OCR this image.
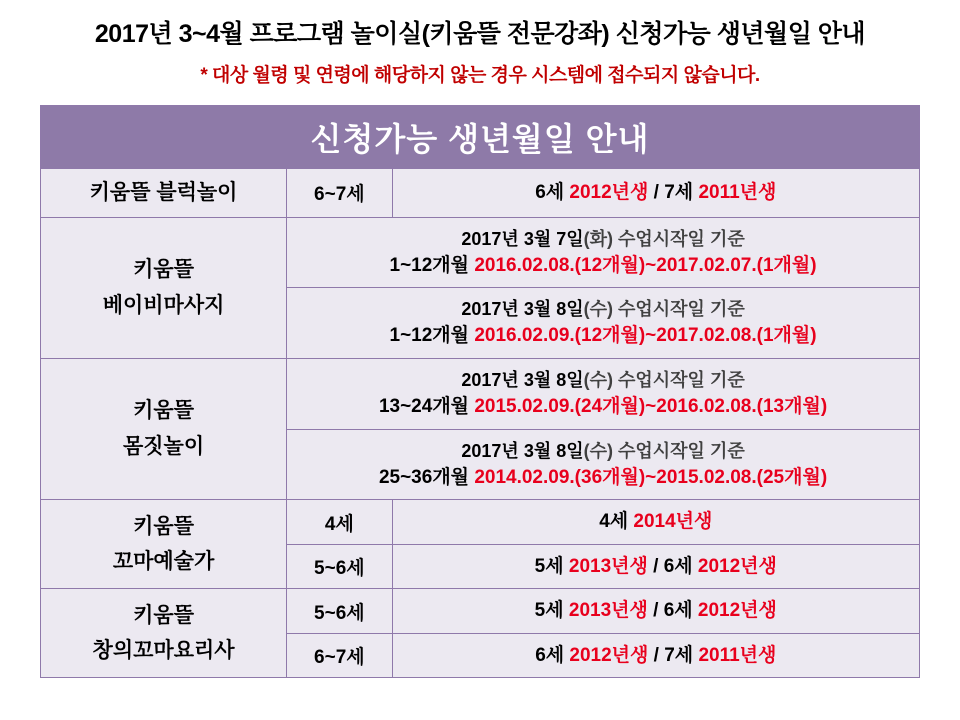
2017년 3~4월 프로그램 놀이실(키움뜰 전문강좌) 신청가능 생년월일 안내
* 대상 월령 및 연령에 해당하지 않는 경우 시스템에 접수되지 않습니다.
신청가능 생년월일 안내		
키움뜰 블럭놀이	6~7세	6세 2012년생 / 7세 2011년생

키움뜰
베이비마사지

2017년 3월 7일(화) 수업시작일 기준
1~12개월 2016.02.08.(12개월)~2017.02.07.(1개월)

	2017년 3월 8일(수) 수업시작일 기준
1~12개월 2016.02.09.(12개월)~2017.02.08.(1개월)	

키움뜰
몸짓놀이

2017년 3월 8일(수) 수업시작일 기준
13~24개월 2015.02.09.(24개월)~2016.02.08.(13개월)

	2017년 3월 8일(수) 수업시작일 기준
25~36개월 2014.02.09.(36개월)~2015.02.08.(25개월)	

키움뜰
꼬마예술가	4세	4세 2014년생
	5~6세	5세 2013년생 / 6세 2012년생

키움뜰
창의꼬마요리사	5~6세	5세 2013년생 / 6세 2012년생
	6~7세	6세 2012년생 / 7세 2011년생
